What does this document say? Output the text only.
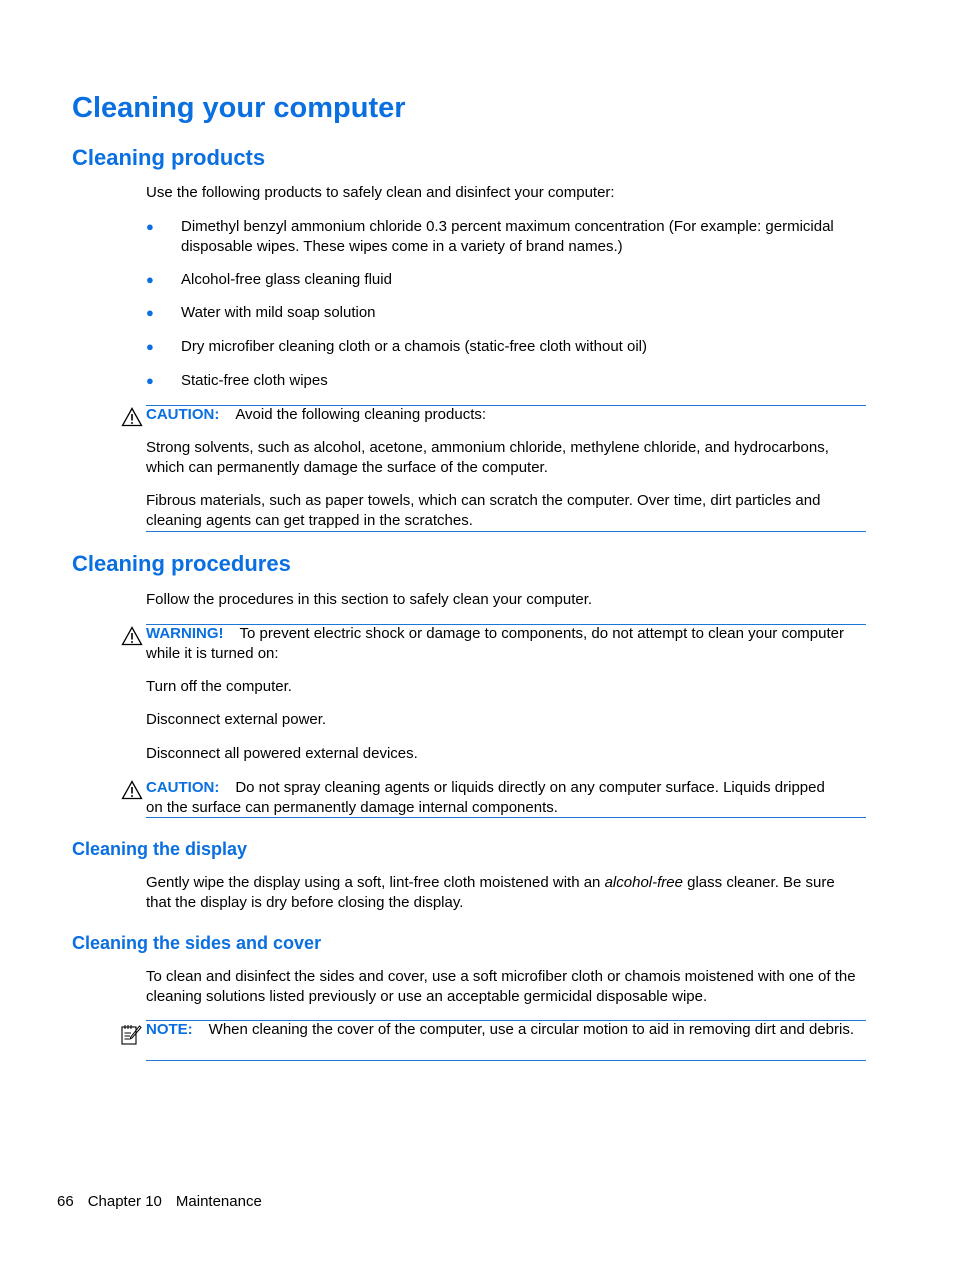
Cleaning your computer
Cleaning products
Use the following products to safely clean and disinfect your computer:
● Dimethyl benzyl ammonium chloride 0.3 percent maximum concentration (For example: germicidal disposable wipes. These wipes come in a variety of brand names.)
● Alcohol-free glass cleaning fluid
● Water with mild soap solution
● Dry microfiber cleaning cloth or a chamois (static-free cloth without oil)
● Static-free cloth wipes
CAUTION: Avoid the following cleaning products:
Strong solvents, such as alcohol, acetone, ammonium chloride, methylene chloride, and hydrocarbons, which can permanently damage the surface of the computer.
Fibrous materials, such as paper towels, which can scratch the computer. Over time, dirt particles and cleaning agents can get trapped in the scratches.
Cleaning procedures
Follow the procedures in this section to safely clean your computer.
WARNING! To prevent electric shock or damage to components, do not attempt to clean your computer while it is turned on:
Turn off the computer.
Disconnect external power.
Disconnect all powered external devices.
CAUTION: Do not spray cleaning agents or liquids directly on any computer surface. Liquids dripped on the surface can permanently damage internal components.
Cleaning the display
Gently wipe the display using a soft, lint-free cloth moistened with an alcohol-free glass cleaner. Be sure that the display is dry before closing the display.
Cleaning the sides and cover
To clean and disinfect the sides and cover, use a soft microfiber cloth or chamois moistened with one of the cleaning solutions listed previously or use an acceptable germicidal disposable wipe.
NOTE: When cleaning the cover of the computer, use a circular motion to aid in removing dirt and debris.
66 Chapter 10 Maintenance
